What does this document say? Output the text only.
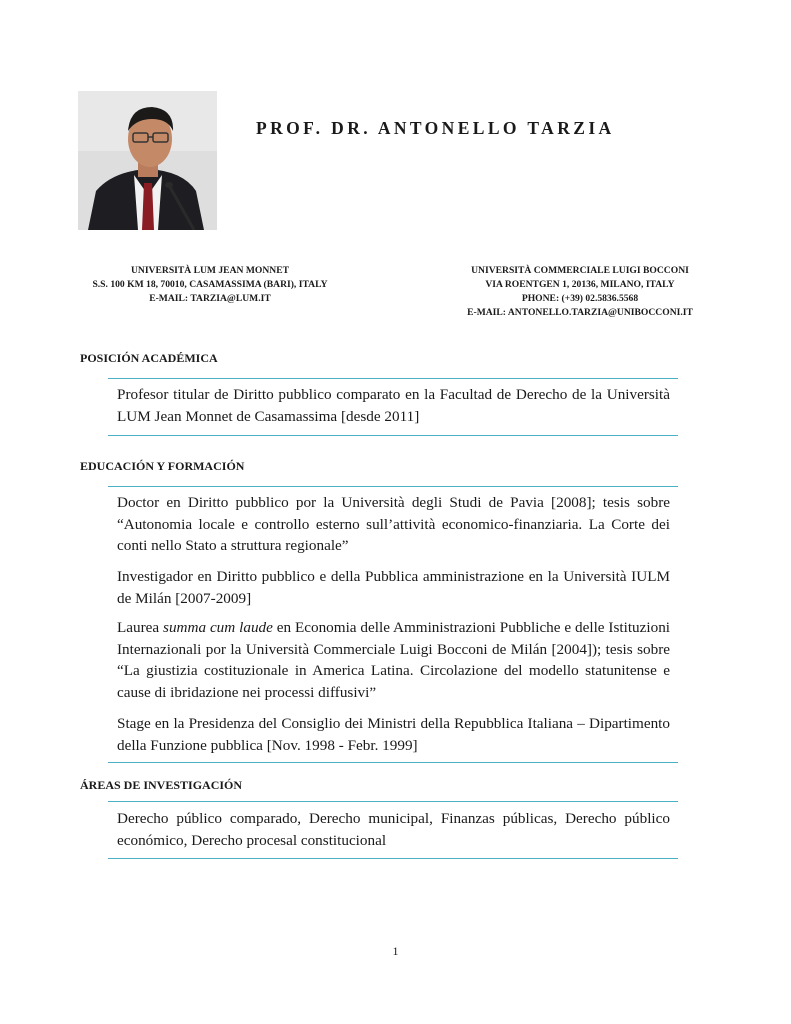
PROF. DR. ANTONELLO TARZIA
UNIVERSITÀ LUM JEAN MONNET
S.S. 100 KM 18, 70010, CASAMASSIMA (BARI), ITALY
E-MAIL: TARZIA@LUM.IT
UNIVERSITÀ COMMERCIALE LUIGI BOCCONI
VIA ROENTGEN 1, 20136, MILANO, ITALY
PHONE: (+39) 02.5836.5568
E-MAIL: ANTONELLO.TARZIA@UNIBOCCONI.IT
POSICIÓN ACADÉMICA
Profesor titular de Diritto pubblico comparato en la Facultad de Derecho de la Università LUM Jean Monnet de Casamassima [desde 2011]
EDUCACIÓN Y FORMACIÓN
Doctor en Diritto pubblico por la Università degli Studi de Pavia [2008]; tesis sobre “Autonomia locale e controllo esterno sull’attività economico-finanziaria. La Corte dei conti nello Stato a struttura regionale”
Investigador en Diritto pubblico e della Pubblica amministrazione en la Università IULM de Milán [2007-2009]
Laurea summa cum laude en Economia delle Amministrazioni Pubbliche e delle Istituzioni Internazionali por la Università Commerciale Luigi Bocconi de Milán [2004]); tesis sobre “La giustizia costituzionale in America Latina. Circolazione del modello statunitense e cause di ibridazione nei processi diffusivi”
Stage en la Presidenza del Consiglio dei Ministri della Repubblica Italiana – Dipartimento della Funzione pubblica [Nov. 1998 - Febr. 1999]
ÁREAS DE INVESTIGACIÓN
Derecho público comparado, Derecho municipal, Finanzas públicas, Derecho público económico, Derecho procesal constitucional
1
